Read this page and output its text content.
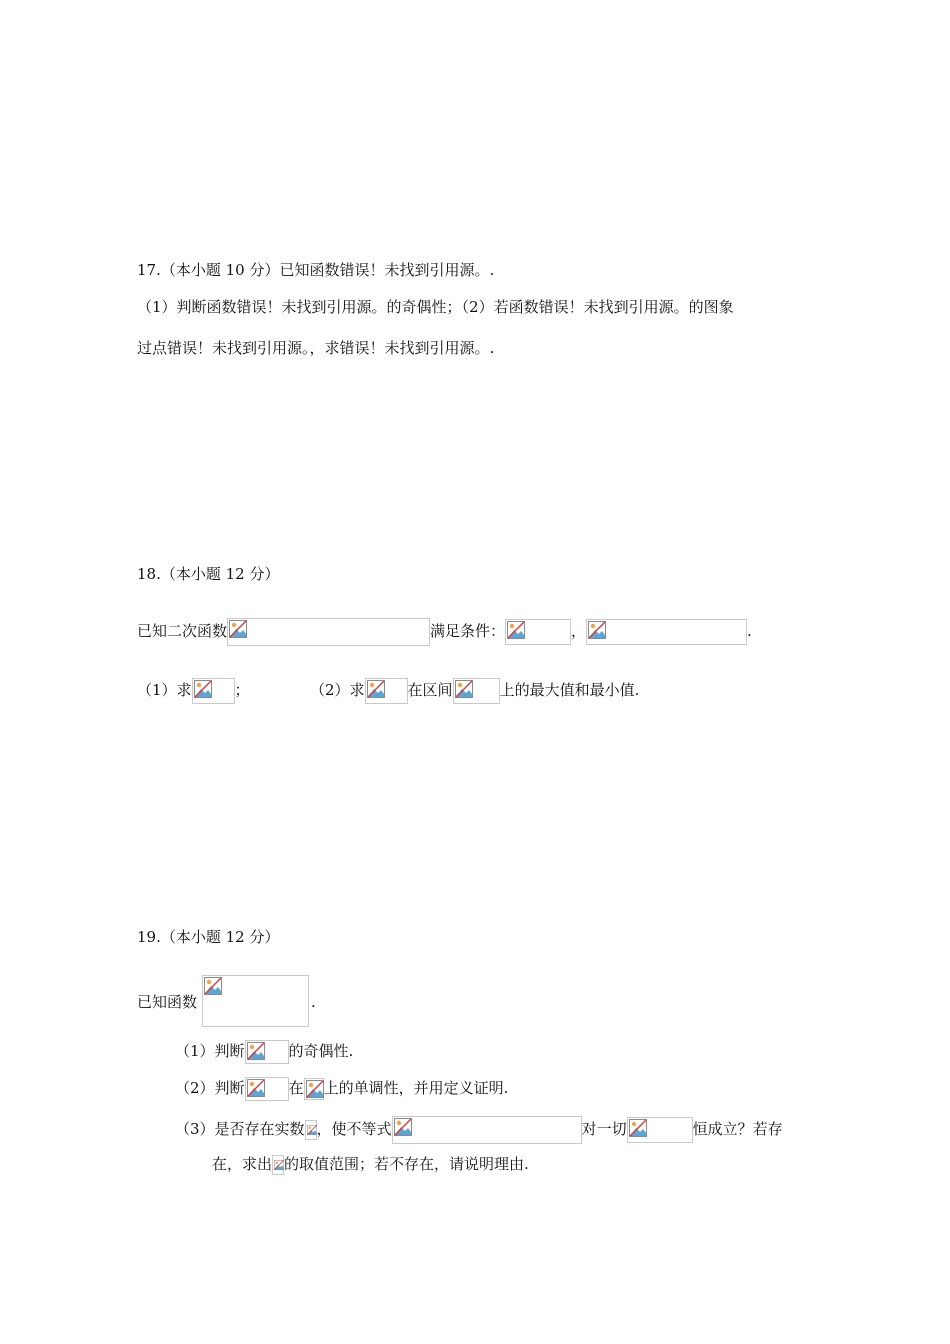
17.（本小题 10 分）已知函数错误！未找到引用源。.
（1）判断函数错误！未找到引用源。的奇偶性；（2）若函数错误！未找到引用源。的图象
过点错误！未找到引用源。，求错误！未找到引用源。.
18.（本小题 12 分）
已知二次函数	满足条件：	，	.
（1）求	；	（2）求	在区间	上的最大值和最小值.
19.（本小题 12 分）
已知函数	.
（1）判断	的奇偶性.
（2）判断	在 上的单调性，并用定义证明.
（3）是否存在实数 ，使不等式	对一切	恒成立？若存
在，求出 的取值范围；若不存在，请说明理由.
